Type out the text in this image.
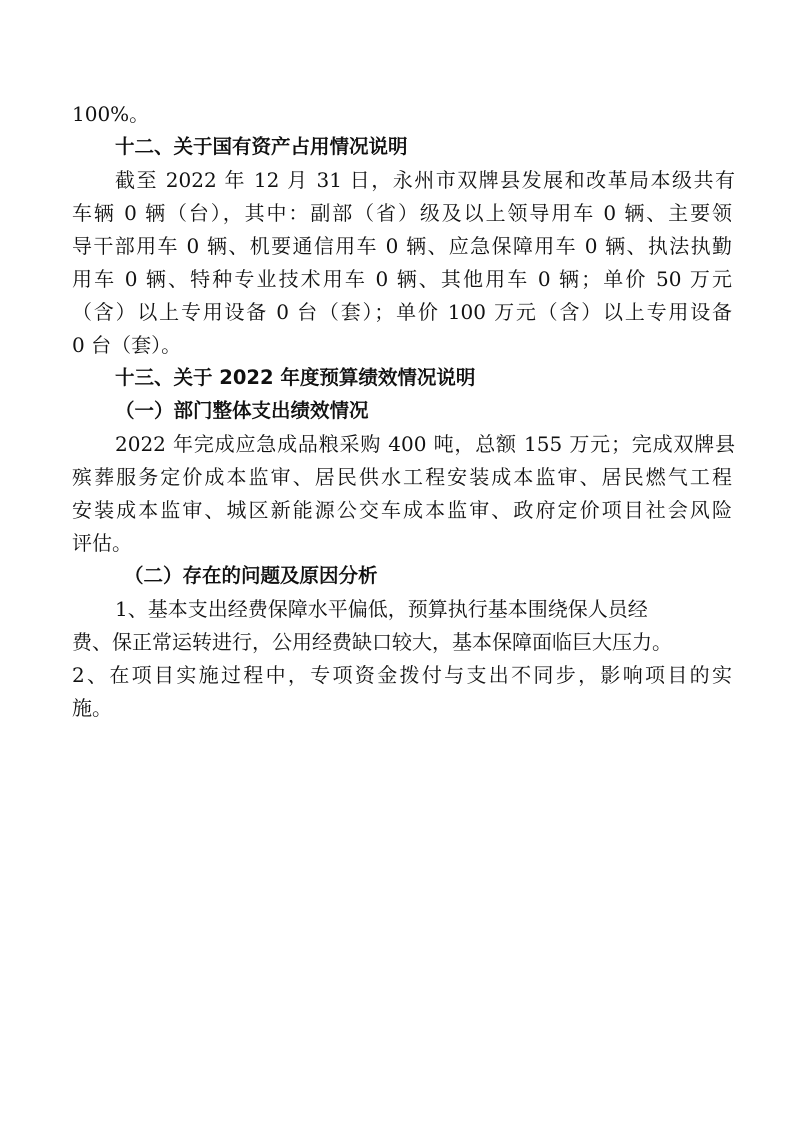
100%。
十二、关于国有资产占用情况说明
截至 2022 年 12 月 31 日，永州市双牌县发展和改革局本级共有
车辆 0 辆（台），其中：副部（省）级及以上领导用车 0 辆、主要领
导干部用车 0 辆、机要通信用车 0 辆、应急保障用车 0 辆、执法执勤
用车 0 辆、特种专业技术用车 0 辆、其他用车 0 辆；单价 50 万元
（含）以上专用设备 0 台（套）；单价 100 万元（含）以上专用设备
0 台（套）。
十三、关于 2022 年度预算绩效情况说明
（一）部门整体支出绩效情况
2022 年完成应急成品粮采购 400 吨，总额 155 万元；完成双牌县
殡葬服务定价成本监审、居民供水工程安装成本监审、居民燃气工程
安装成本监审、城区新能源公交车成本监审、政府定价项目社会风险
评估。
（二）存在的问题及原因分析
1、基本支出经费保障水平偏低，预算执行基本围绕保人员经
费、保正常运转进行，公用经费缺口较大，基本保障面临巨大压力。
2、在项目实施过程中，专项资金拨付与支出不同步，影响项目的实
施。
